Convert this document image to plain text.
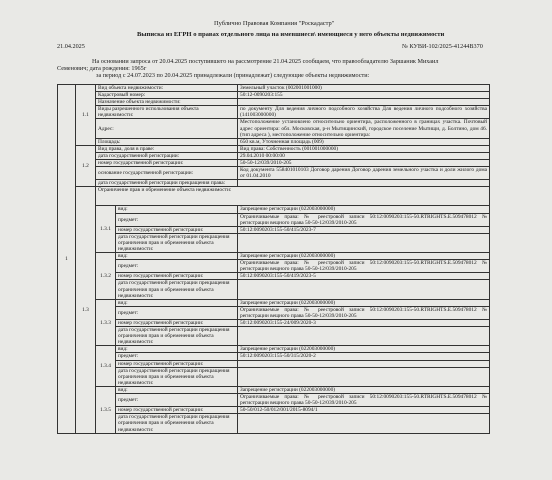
Публично Правовая Компания "Роскадастр"
Выписка из ЕГРН о правах отдельного лица на имевшиеся\ имеющиеся у него объекты недвижимости
21.04.2025	№ КУВИ-102/2025-41244В370
На основании запроса от 20.04.2025 поступившего на рассмотрение 21.04.2025 сообщаем, что правообладателю Заршаник Михаил
Семенович; дата рождения: 1965г
за период с 24.07.2023 по 20.04.2025 принадлежали (принадлежат) следующие объекты недвижимости:
1	1.1	Вид объекта недвижимости:		Земельный участок (002001001000)
		Кадастровый номер:		50:12-0090203:155
		Назначение объекта недвижимости:		
		Виды разрешенного использования объекта недвижимости:		по документу Для ведения личного подсобного хозяйства Для ведения личного подсобного хозяйства (141003000000)
		Адрес:		Местоположение установлено относительно ориентира, расположенного в границах участка. Почтовый адрес ориентира: обл. Московская, р-н Мытищинский, городское поселение Мытищи, д. Болтино, дом 46. (тип адреса ), местоположение относительно ориентира:
		Площадь:		650 кв.м, Уточненная площадь (009)
	1.2	Вид права, доля в праве:		Вид права: Собственность (001001000000)
		дата государственной регистрации:		29.04.2010 00:00:00
		номер государственной регистрации:		50-50-12/039/2010-205
		основание государственной регистрации:		Код документа 558401010103 Договор дарения Договор дарения земельного участка и доли жилого дома от 01.04.2010
		дата государственной регистрации прекращения права:		
	1.3	Ограничение прав и обременение объекта недвижимости:		
		1.3.1	вид:	Запрещение регистрации (022003000000)
			предмет:	Ограничиваемые права: № реестровой записи 50:12:0090203:155-50.RTRIGHTS.E.509478012 № регистрации вещного права 50-50-12/039/2010-205
			номер государственной регистрации:	50:12:0090203:155-50/415/2023-7
			дата государственной регистрации прекращения ограничения прав и обременения объекта недвижимости:	
		1.3.2	вид:	Запрещение регистрации (022003000000)
			предмет:	Ограничиваемые права: № реестровой записи 50:12:0090203:155-50.RTRIGHTS.E.509478012 № регистрации вещного права 50-50-12/039/2010-205
			номер государственной регистрации:	50:12:0090203:155-50/419/2023-5
			дата государственной регистрации прекращения ограничения прав и обременения объекта недвижимости:	
		1.3.3	вид:	Запрещение регистрации (022003000000)
			предмет:	Ограничиваемые права: № реестровой записи 50:12:0090203:155-50.RTRIGHTS.E.509478012 № регистрации вещного права 50-50-12/039/2010-205
			номер государственной регистрации:	50:12:0090203:155-24/009/2020-3
			дата государственной регистрации прекращения ограничения прав и обременения объекта недвижимости:	
		1.3.4	вид:	Запрещение регистрации (022003000000)
			предмет:	50:12:0090203:155-50/315/2020-2
			номер государственной регистрации:	
			дата государственной регистрации прекращения ограничения прав и обременения объекта недвижимости:	
		1.3.5	вид:	Запрещение регистрации (022003000000)
			предмет:	Ограничиваемые права: № реестровой записи 50:12:0090203:155-50.RTRIGHTS.E.509478012 № регистрации вещного права 50-50-12/039/2010-205
			номер государственной регистрации:	50-50/012-50/012/001/2015-8094/1
			дата государственной регистрации прекращения ограничения прав и обременения объекта недвижимости:	
